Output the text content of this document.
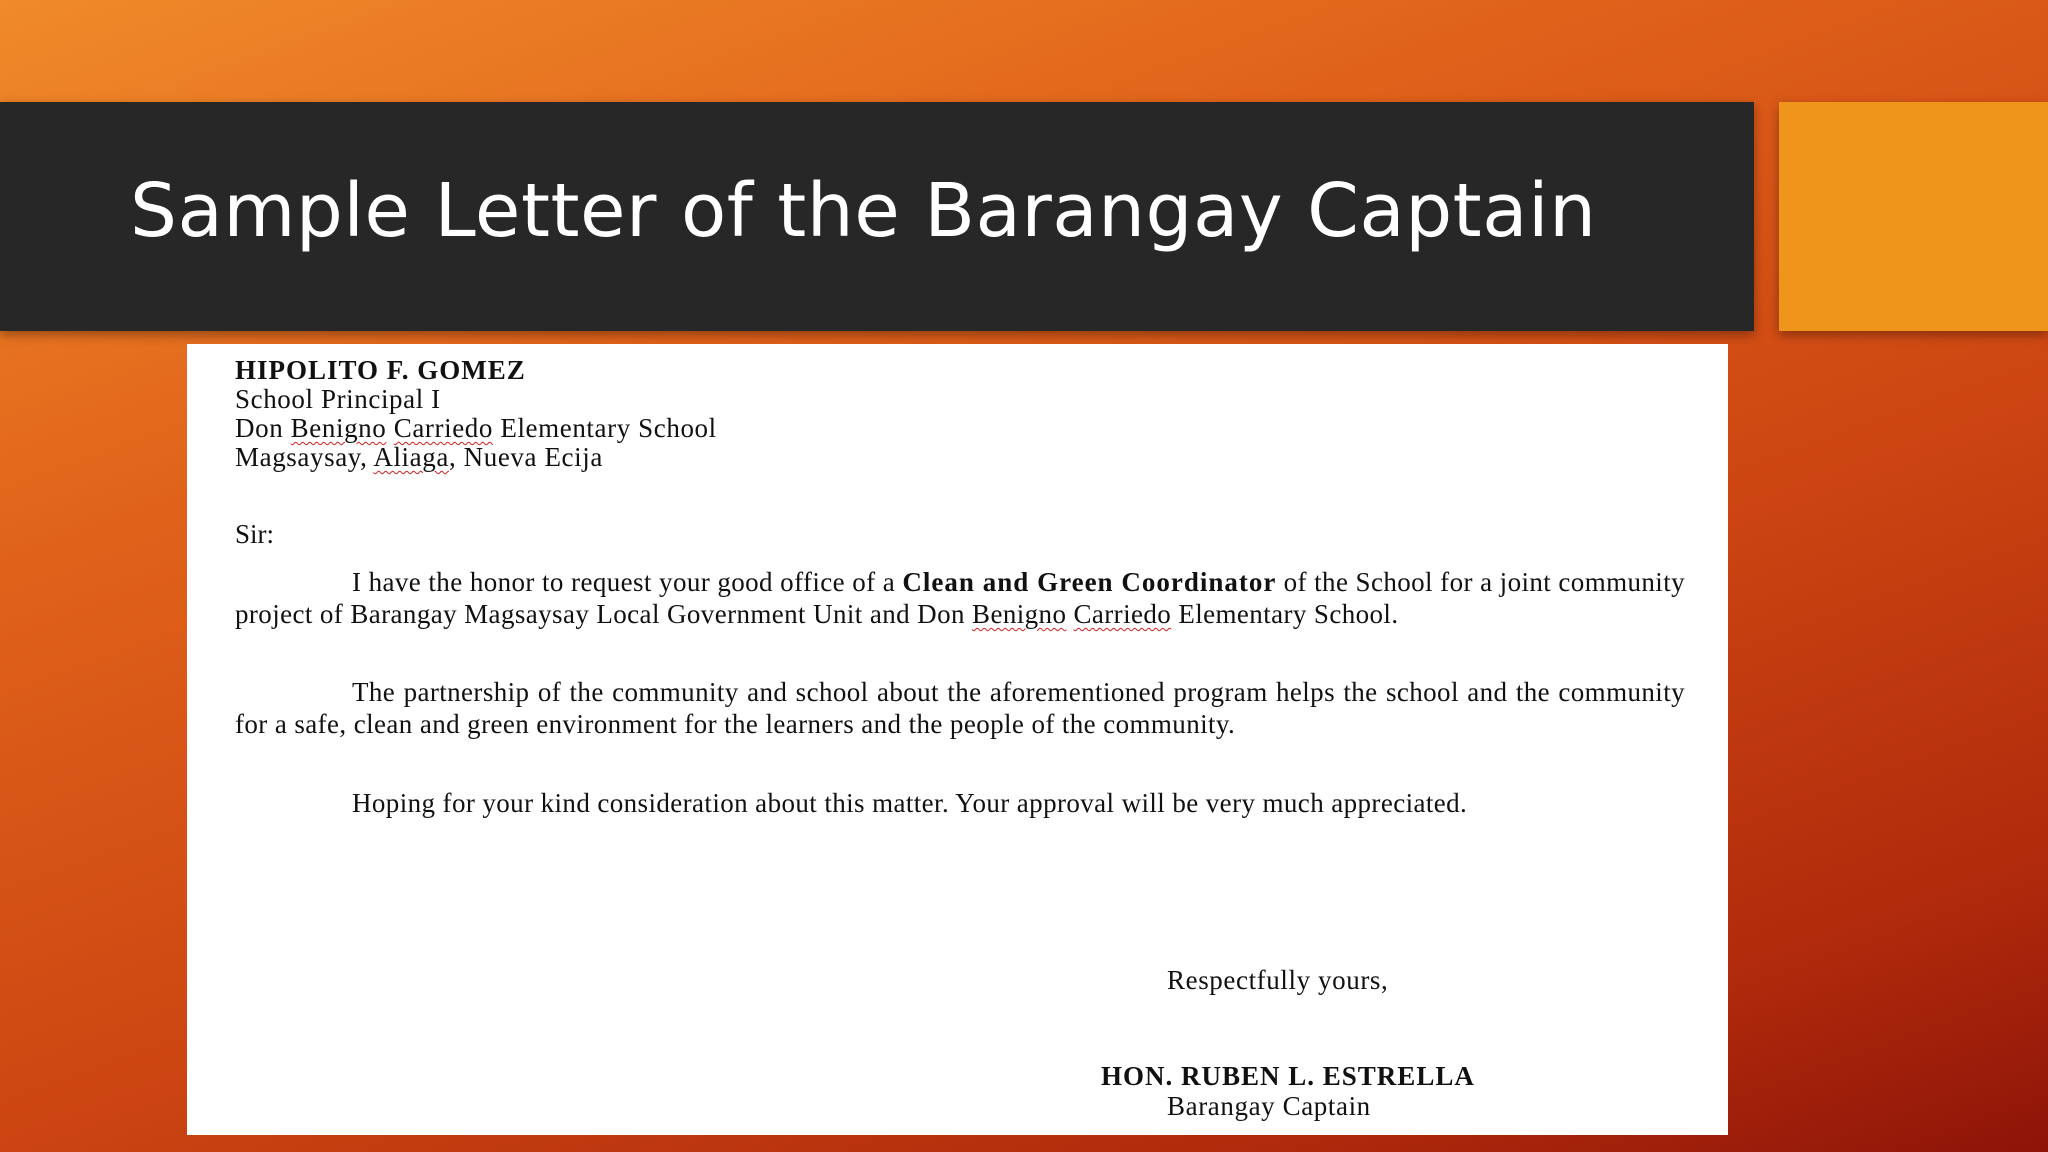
Sample Letter of the Barangay Captain
HIPOLITO F. GOMEZ
School Principal I
Don Benigno Carriedo Elementary School
Magsaysay, Aliaga, Nueva Ecija
Sir:
I have the honor to request your good office of a Clean and Green Coordinator of the School for a joint community project of Barangay Magsaysay Local Government Unit and Don Benigno Carriedo Elementary School.
The partnership of the community and school about the aforementioned program helps the school and the community for a safe, clean and green environment for the learners and the people of the community.
Hoping for your kind consideration about this matter. Your approval will be very much appreciated.
Respectfully yours,
HON. RUBEN L. ESTRELLA
Barangay Captain
